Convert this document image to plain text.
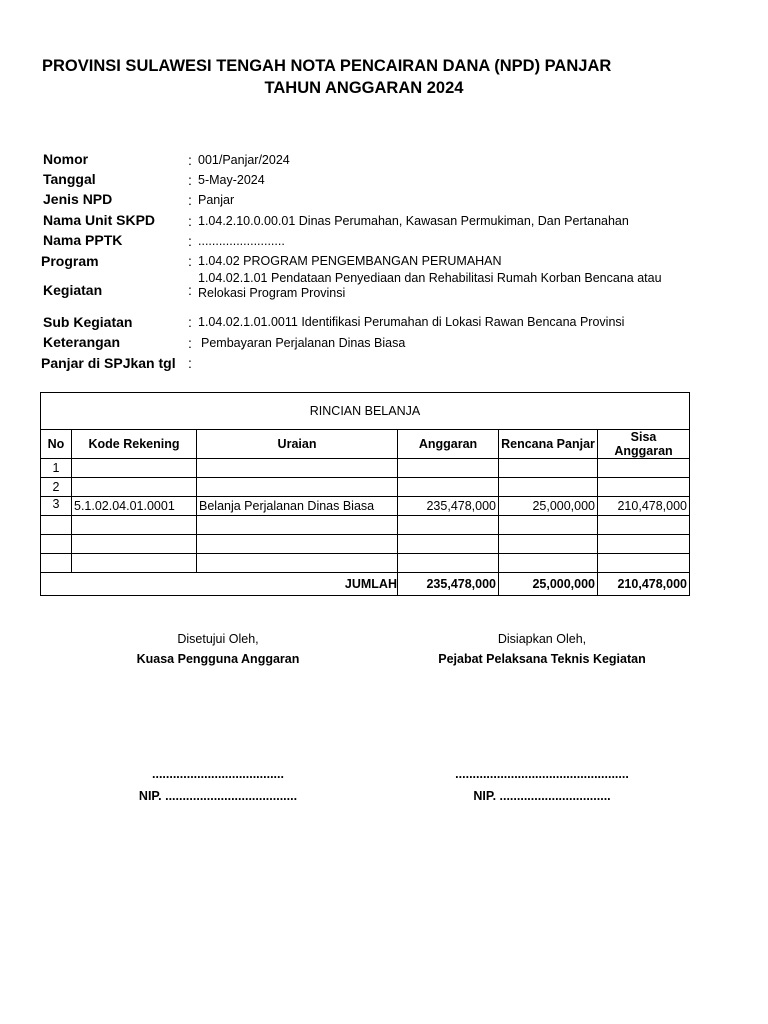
PROVINSI SULAWESI TENGAH NOTA PENCAIRAN DANA (NPD) PANJAR
TAHUN ANGGARAN 2024
Nomor	: 001/Panjar/2024
Tanggal	: 5-May-2024
Jenis NPD	: Panjar
Nama Unit SKPD : 1.04.2.10.0.00.01 Dinas Perumahan, Kawasan Permukiman, Dan Pertanahan
Nama PPTK	: .........................
Program	: 1.04.02 PROGRAM PENGEMBANGAN PERUMAHAN
Kegiatan	:
1.04.02.1.01 Pendataan Penyediaan dan Rehabilitasi Rumah Korban Bencana atau
Relokasi Program Provinsi
Sub Kegiatan	: 1.04.02.1.01.0011 Identifikasi Perumahan di Lokasi Rawan Bencana Provinsi
Keterangan	: Pembayaran Perjalanan Dinas Biasa
Panjar di SPJkan tgl :
RINCIAN BELANJA					
No	Kode Rekening	Uraian	Anggaran	Rencana Panjar	Sisa Anggaran
1					
2					
3	5.1.02.04.01.0001	Belanja Perjalanan Dinas Biasa	235,478,000	25,000,000	210,478,000

JUMLAH			235,478,000	25,000,000	210,478,000
Disetujui Oleh,
Kuasa Pengguna Anggaran
......................................
NIP. ......................................
Disiapkan Oleh,
Pejabat Pelaksana Teknis Kegiatan
..................................................
NIP. ................................
